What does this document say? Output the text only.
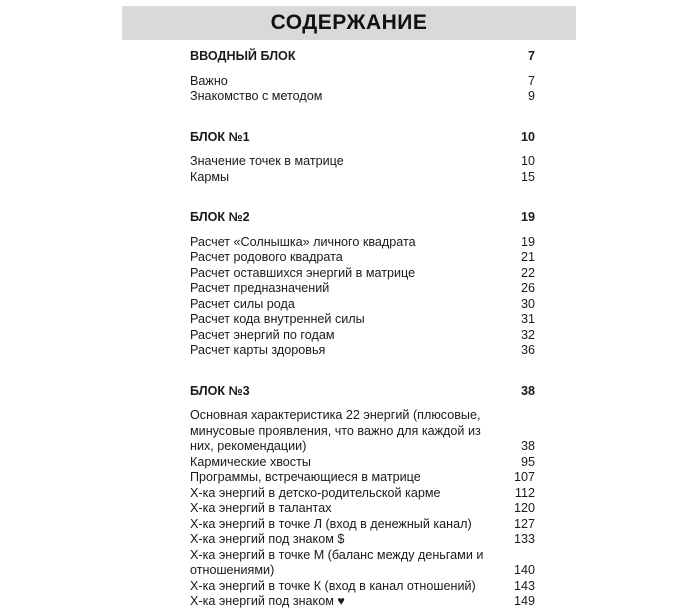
СОДЕРЖАНИЕ
ВВОДНЫЙ БЛОК	7
Важно	7
Знакомство с методом	9
БЛОК №1	10
Значение точек в матрице	10
Кармы	15
БЛОК №2	19
Расчет «Солнышка» личного квадрата	19
Расчет родового квадрата	21
Расчет оставшихся энергий в матрице	22
Расчет предназначений	26
Расчет силы рода	30
Расчет кода внутренней силы	31
Расчет энергий по годам	32
Расчет карты здоровья	36
БЛОК №3	38
Основная характеристика 22 энергий (плюсовые, минусовые проявления, что важно для каждой из них, рекомендации)	38
Кармические хвосты	95
Программы, встречающиеся в матрице	107
Х-ка энергий в детско-родительской карме	112
Х-ка энергий в талантах	120
Х-ка энергий в точке Л (вход в денежный канал)	127
Х-ка энергий под знаком $	133
Х-ка энергий в точке М (баланс между деньгами и отношениями)	140
Х-ка энергий в точке К (вход в канал отношений)	143
Х-ка энергий под знаком ♥	149
